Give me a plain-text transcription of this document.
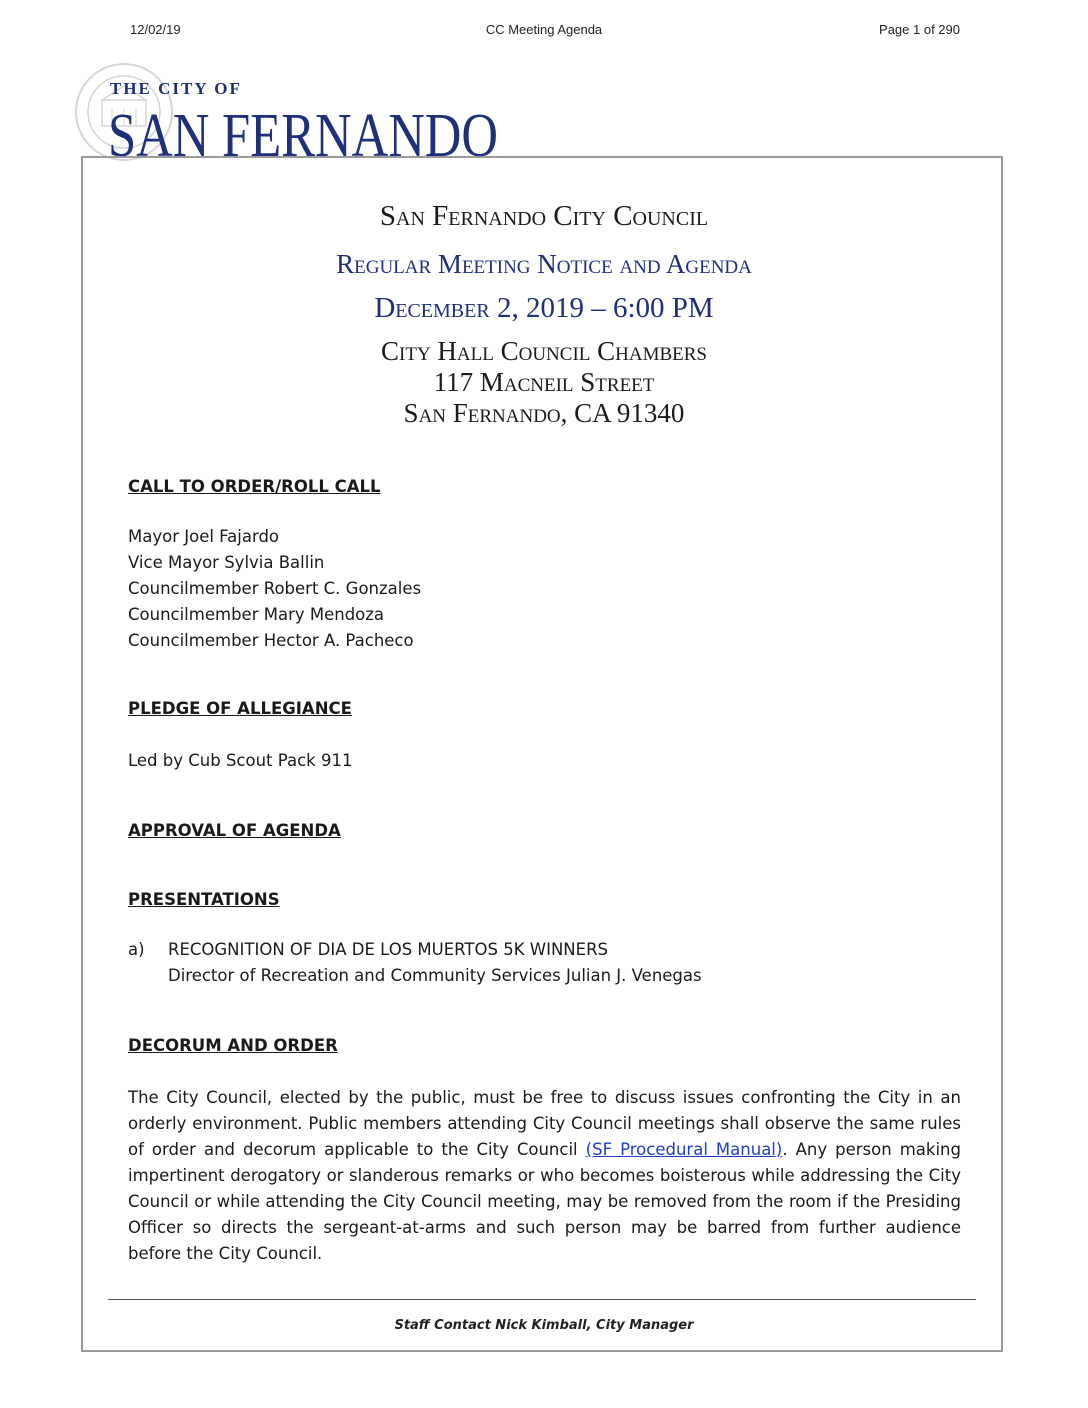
12/02/19	CC Meeting Agenda	Page 1 of 290
THE CITY OF
SAN FERNANDO
San Fernando City Council
Regular Meeting Notice and Agenda
December 2, 2019 – 6:00 PM
City Hall Council Chambers
117 Macneil Street
San Fernando, CA 91340
CALL TO ORDER/ROLL CALL
Mayor Joel Fajardo
Vice Mayor Sylvia Ballin
Councilmember Robert C. Gonzales
Councilmember Mary Mendoza
Councilmember Hector A. Pacheco
PLEDGE OF ALLEGIANCE
Led by Cub Scout Pack 911
APPROVAL OF AGENDA
PRESENTATIONS
a) RECOGNITION OF DIA DE LOS MUERTOS 5K WINNERS
Director of Recreation and Community Services Julian J. Venegas
DECORUM AND ORDER
The City Council, elected by the public, must be free to discuss issues confronting the City in an orderly environment. Public members attending City Council meetings shall observe the same rules of order and decorum applicable to the City Council (SF Procedural Manual). Any person making impertinent derogatory or slanderous remarks or who becomes boisterous while addressing the City Council or while attending the City Council meeting, may be removed from the room if the Presiding Officer so directs the sergeant-at-arms and such person may be barred from further audience before the City Council.
Staff Contact Nick Kimball, City Manager
